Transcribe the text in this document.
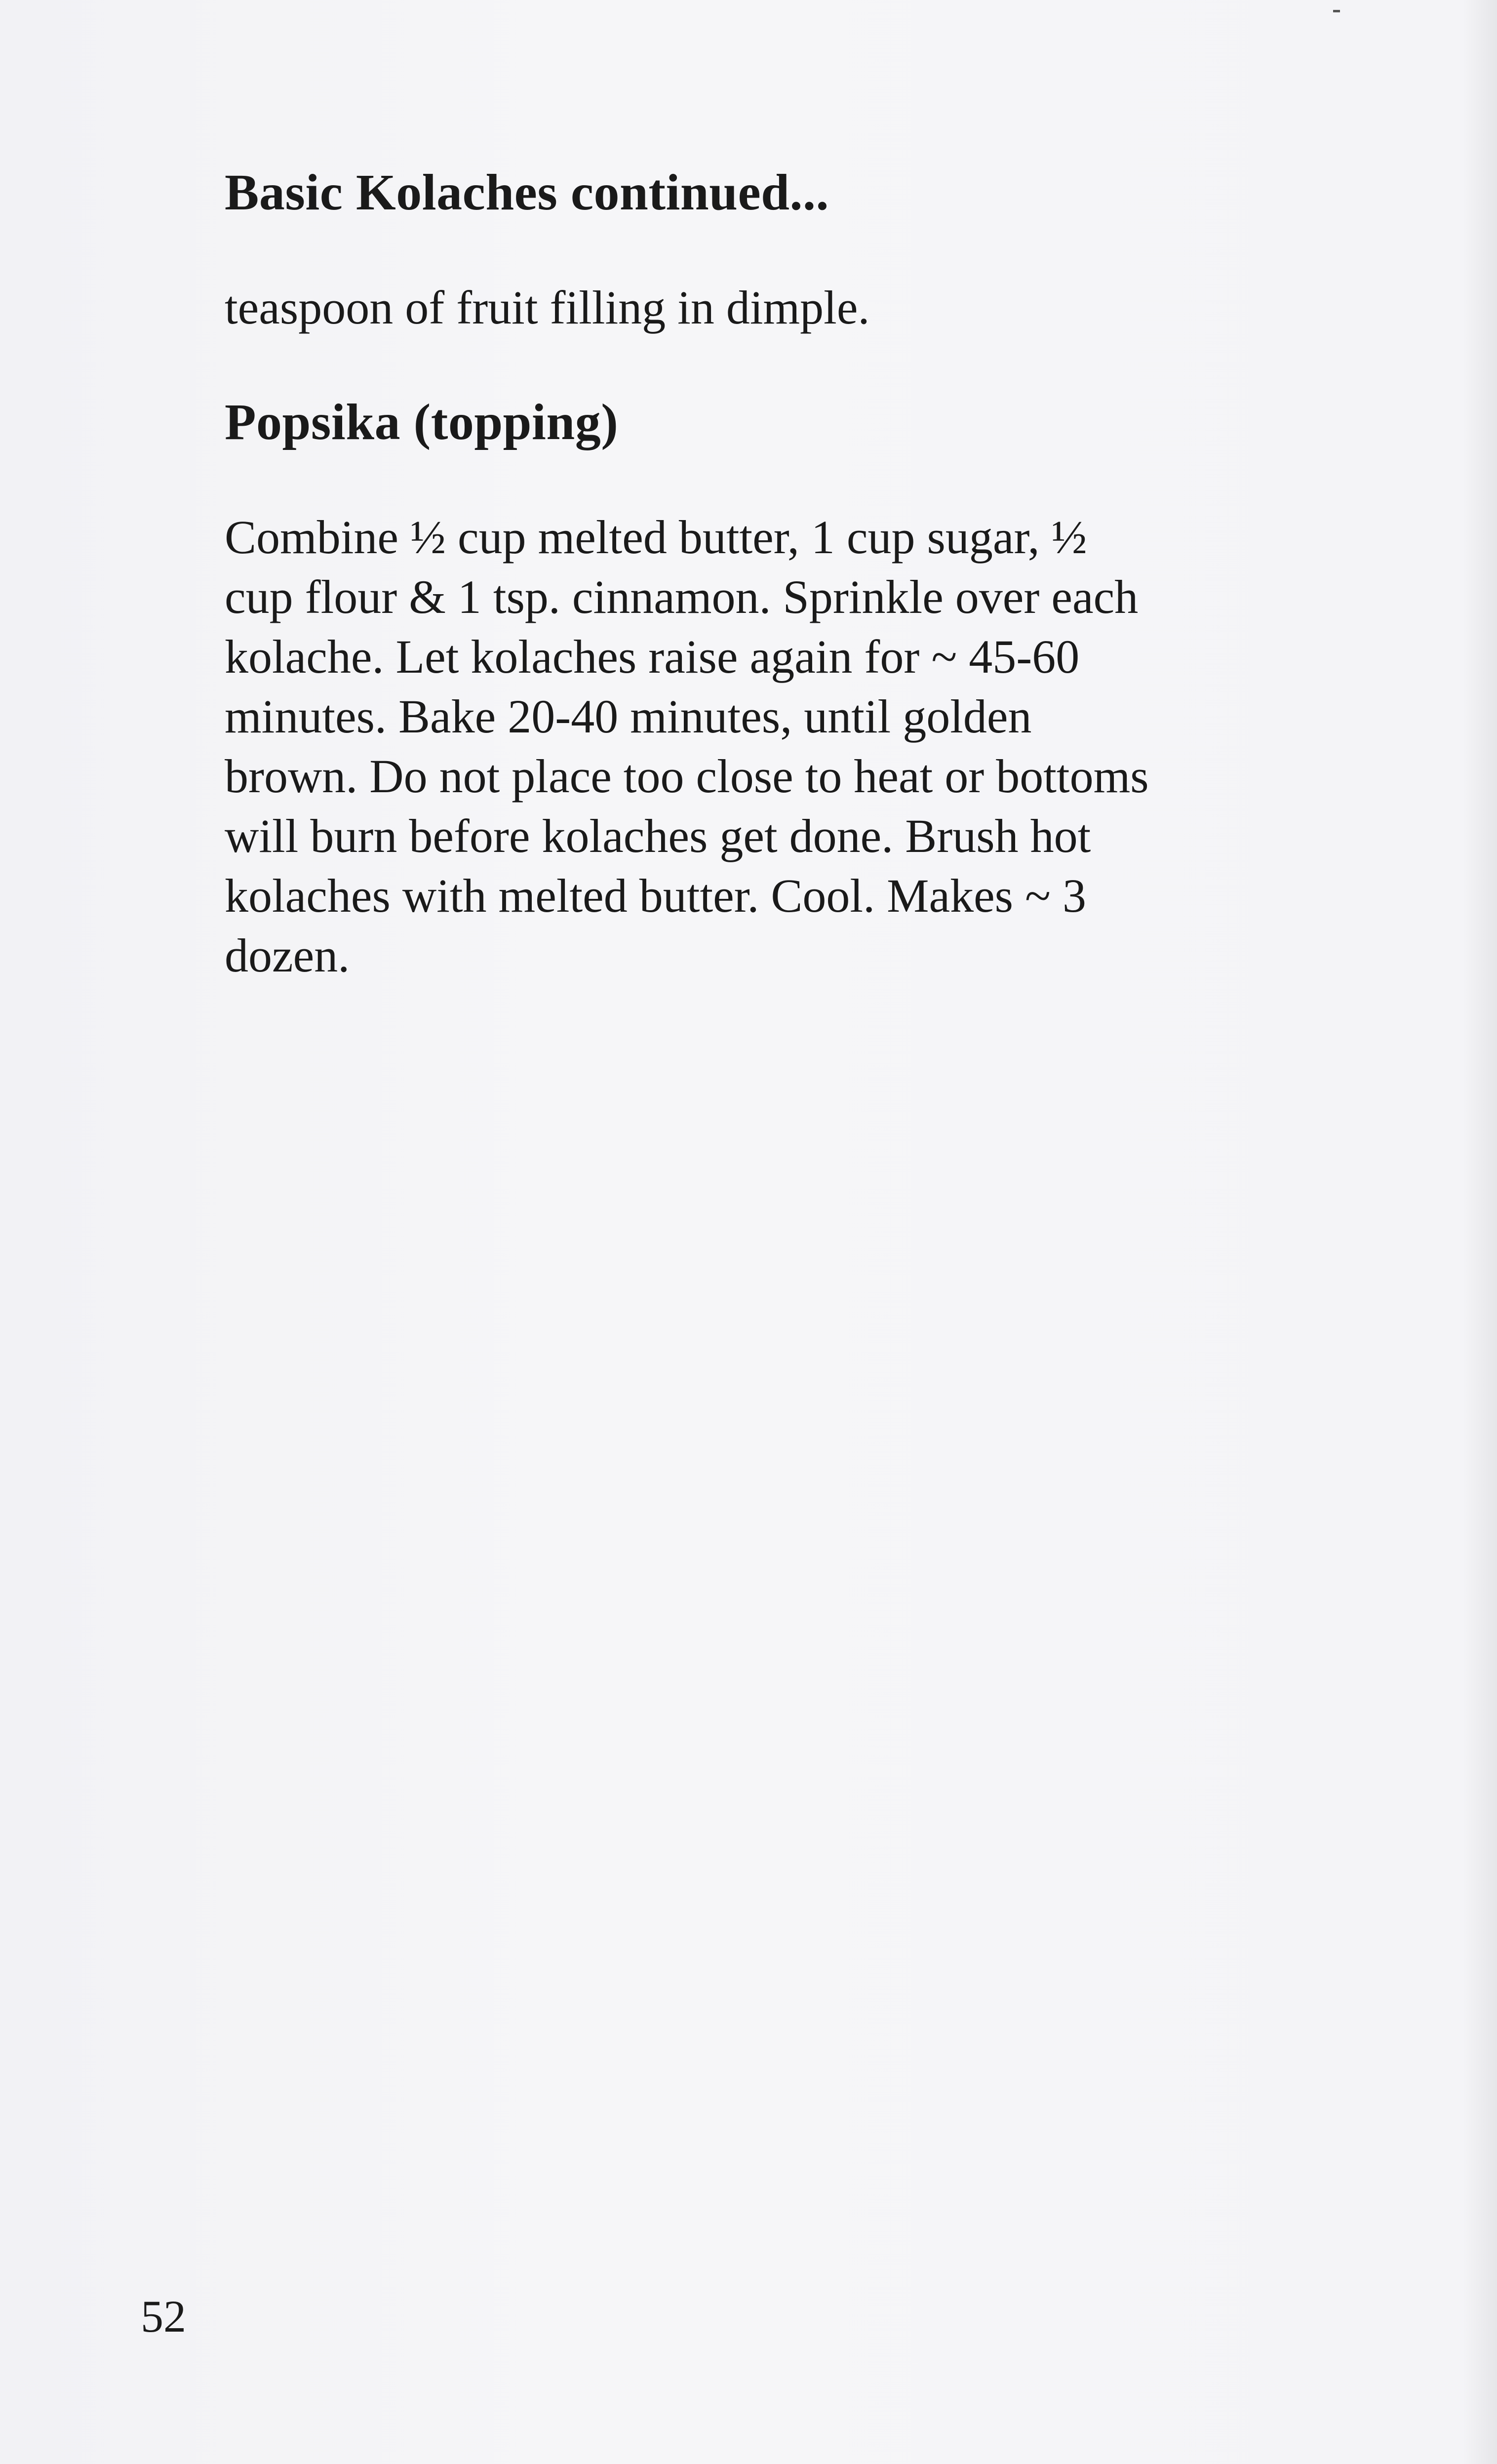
Basic Kolaches continued...

teaspoon of fruit filling in dimple.

Popsika (topping)

Combine ½ cup melted butter, 1 cup sugar, ½
cup flour & 1 tsp. cinnamon. Sprinkle over each
kolache. Let kolaches raise again for ~ 45-60
minutes. Bake 20-40 minutes, until golden
brown. Do not place too close to heat or bottoms
will burn before kolaches get done. Brush hot
kolaches with melted butter. Cool. Makes ~ 3
dozen.

52
